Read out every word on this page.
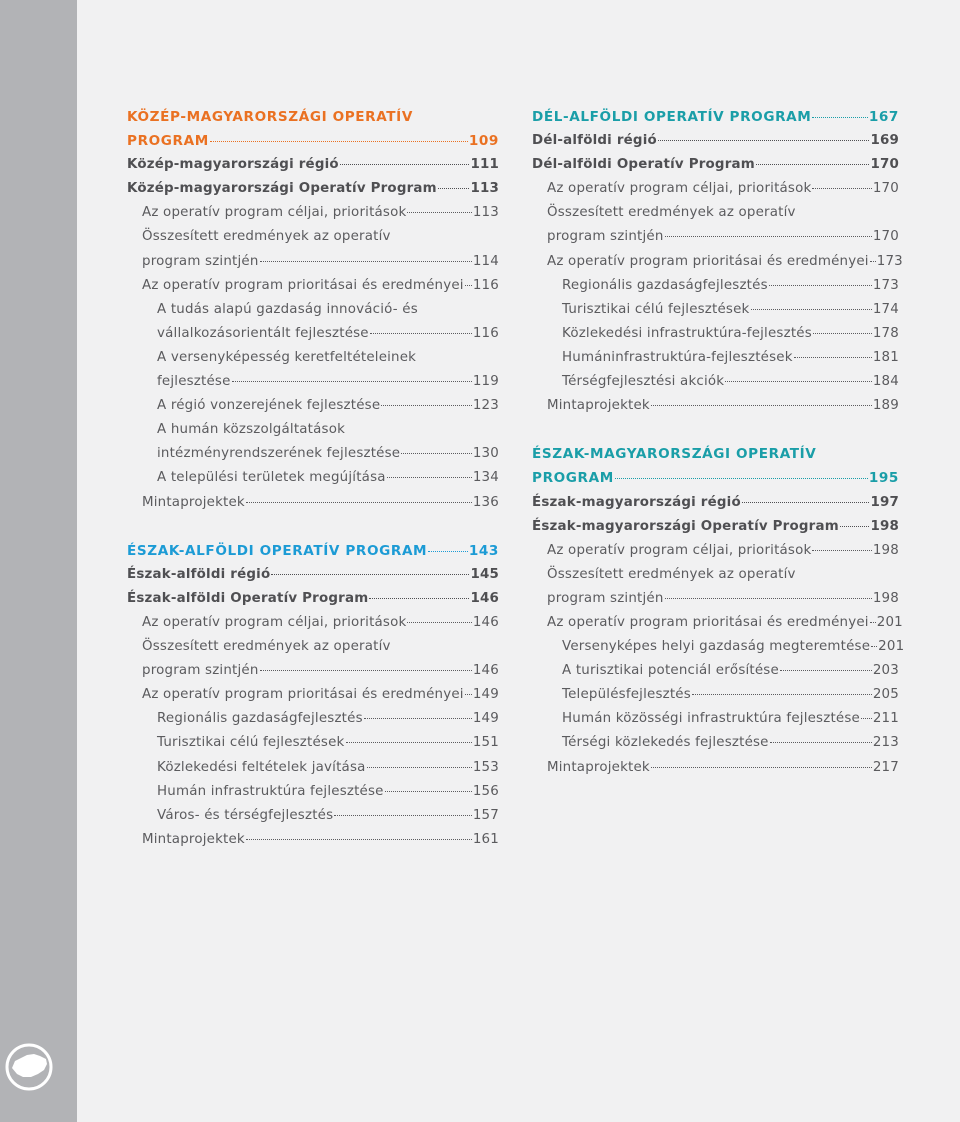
KÖZÉP-MAGYARORSZÁGI OPERATÍV
PROGRAM	109
Közép-magyarországi régió	111
Közép-magyarországi Operatív Program	113
Az operatív program céljai, prioritások	113
Összesített eredmények az operatív
program szintjén	114
Az operatív program prioritásai és eredményei 116
A tudás alapú gazdaság innováció- és
vállalkozásorientált fejlesztése	116
A versenyképesség keretfeltételeinek
fejlesztése	119
A régió vonzerejének fejlesztése	123
A humán közszolgáltatások
intézményrendszerének fejlesztése	130
A települési területek megújítása	134
Mintaprojektek	136
ÉSZAK-ALFÖLDI OPERATÍV PROGRAM	143
Észak-alföldi régió	145
Észak-alföldi Operatív Program	146
Az operatív program céljai, prioritások	146
Összesített eredmények az operatív
program szintjén	146
Az operatív program prioritásai és eredményei 149
Regionális gazdaságfejlesztés	149
Turisztikai célú fejlesztések	151
Közlekedési feltételek javítása	153
Humán infrastruktúra fejlesztése	156
Város- és térségfejlesztés	157
Mintaprojektek	161
DÉL-ALFÖLDI OPERATÍV PROGRAM	167
Dél-alföldi régió	169
Dél-alföldi Operatív Program	170
Az operatív program céljai, prioritások	170
Összesített eredmények az operatív
program szintjén	170
Az operatív program prioritásai és eredményei 173
Regionális gazdaságfejlesztés	173
Turisztikai célú fejlesztések	174
Közlekedési infrastruktúra-fejlesztés	178
Humáninfrastruktúra-fejlesztések	181
Térségfejlesztési akciók	184
Mintaprojektek	189
ÉSZAK-MAGYARORSZÁGI OPERATÍV
PROGRAM	195
Észak-magyarországi régió	197
Észak-magyarországi Operatív Program 198
Az operatív program céljai, prioritások	198
Összesített eredmények az operatív
program szintjén	198
Az operatív program prioritásai és eredményei 201
Versenyképes helyi gazdaság megteremtése 201
A turisztikai potenciál erősítése	203
Településfejlesztés	205
Humán közösségi infrastruktúra fejlesztése 211
Térségi közlekedés fejlesztése	213
Mintaprojektek	217
